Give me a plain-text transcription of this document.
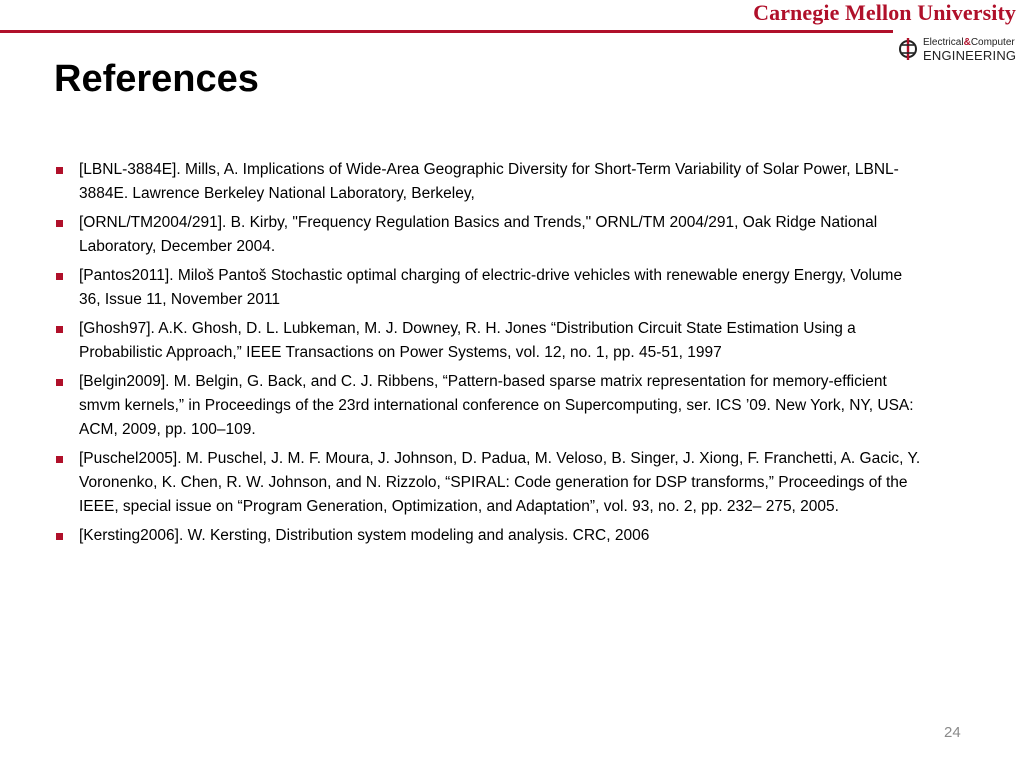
Carnegie Mellon University
Electrical&Computer
ENGINEERING
References
[LBNL-3884E]. Mills, A. Implications of Wide-Area Geographic Diversity for Short-Term Variability of Solar Power, LBNL-3884E. Lawrence Berkeley National Laboratory, Berkeley,
[ORNL/TM2004/291]. B. Kirby, "Frequency Regulation Basics and Trends," ORNL/TM 2004/291, Oak Ridge National Laboratory, December 2004.
[Pantos2011]. Miloš Pantoš Stochastic optimal charging of electric-drive vehicles with renewable energy Energy, Volume 36, Issue 11, November 2011
[Ghosh97]. A.K. Ghosh, D. L. Lubkeman, M. J. Downey, R. H. Jones “Distribution Circuit State Estimation Using a Probabilistic Approach,” IEEE Transactions on Power Systems, vol. 12, no. 1, pp. 45-51, 1997
[Belgin2009]. M. Belgin, G. Back, and C. J. Ribbens, “Pattern-based sparse matrix representation for memory-efficient smvm kernels,” in Proceedings of the 23rd international conference on Supercomputing, ser. ICS ’09. New York, NY, USA: ACM, 2009, pp. 100–109.
[Puschel2005]. M. Puschel, J. M. F. Moura, J. Johnson, D. Padua, M. Veloso, B. Singer, J. Xiong, F. Franchetti, A. Gacic, Y. Voronenko, K. Chen, R. W. Johnson, and N. Rizzolo, “SPIRAL: Code generation for DSP transforms,” Proceedings of the IEEE, special issue on “Program Generation, Optimization, and Adaptation”, vol. 93, no. 2, pp. 232– 275, 2005.
[Kersting2006]. W. Kersting, Distribution system modeling and analysis. CRC, 2006
24
